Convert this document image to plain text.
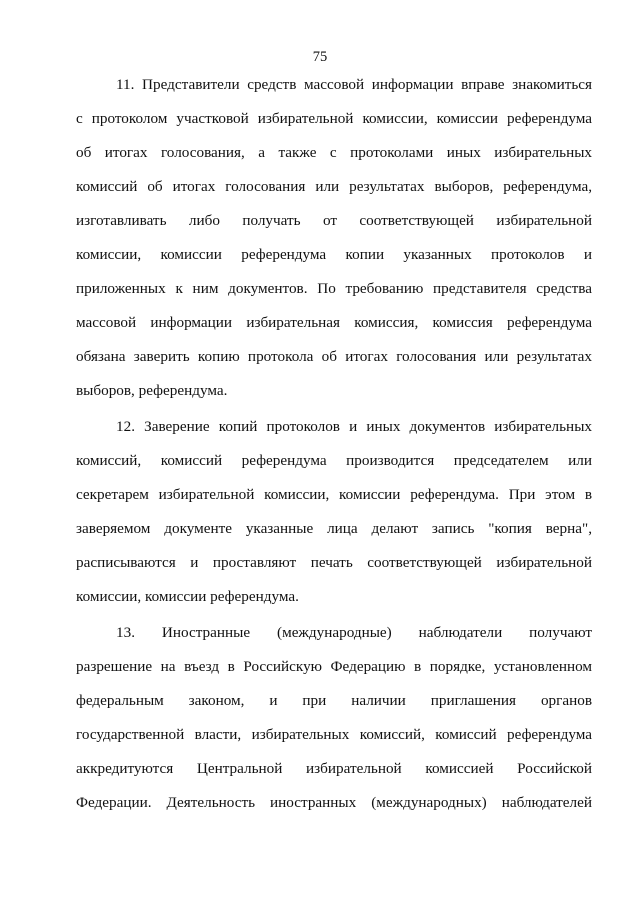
75
11. Представители средств массовой информации вправе знакомиться
с протоколом участковой избирательной комиссии, комиссии референдума
об итогах голосования, а также с протоколами иных избирательных
комиссий об итогах голосования или результатах выборов, референдума,
изготавливать либо получать от соответствующей избирательной
комиссии, комиссии референдума копии указанных протоколов и
приложенных к ним документов. По требованию представителя средства
массовой информации избирательная комиссия, комиссия референдума
обязана заверить копию протокола об итогах голосования или результатах
выборов, референдума.
12. Заверение копий протоколов и иных документов избирательных
комиссий, комиссий референдума производится председателем или
секретарем избирательной комиссии, комиссии референдума. При этом в
заверяемом документе указанные лица делают запись "копия верна",
расписываются и проставляют печать соответствующей избирательной
комиссии, комиссии референдума.
13. Иностранные (международные) наблюдатели получают
разрешение на въезд в Российскую Федерацию в порядке, установленном
федеральным законом, и при наличии приглашения органов
государственной власти, избирательных комиссий, комиссий референдума
аккредитуются Центральной избирательной комиссией Российской
Федерации. Деятельность иностранных (международных) наблюдателей
